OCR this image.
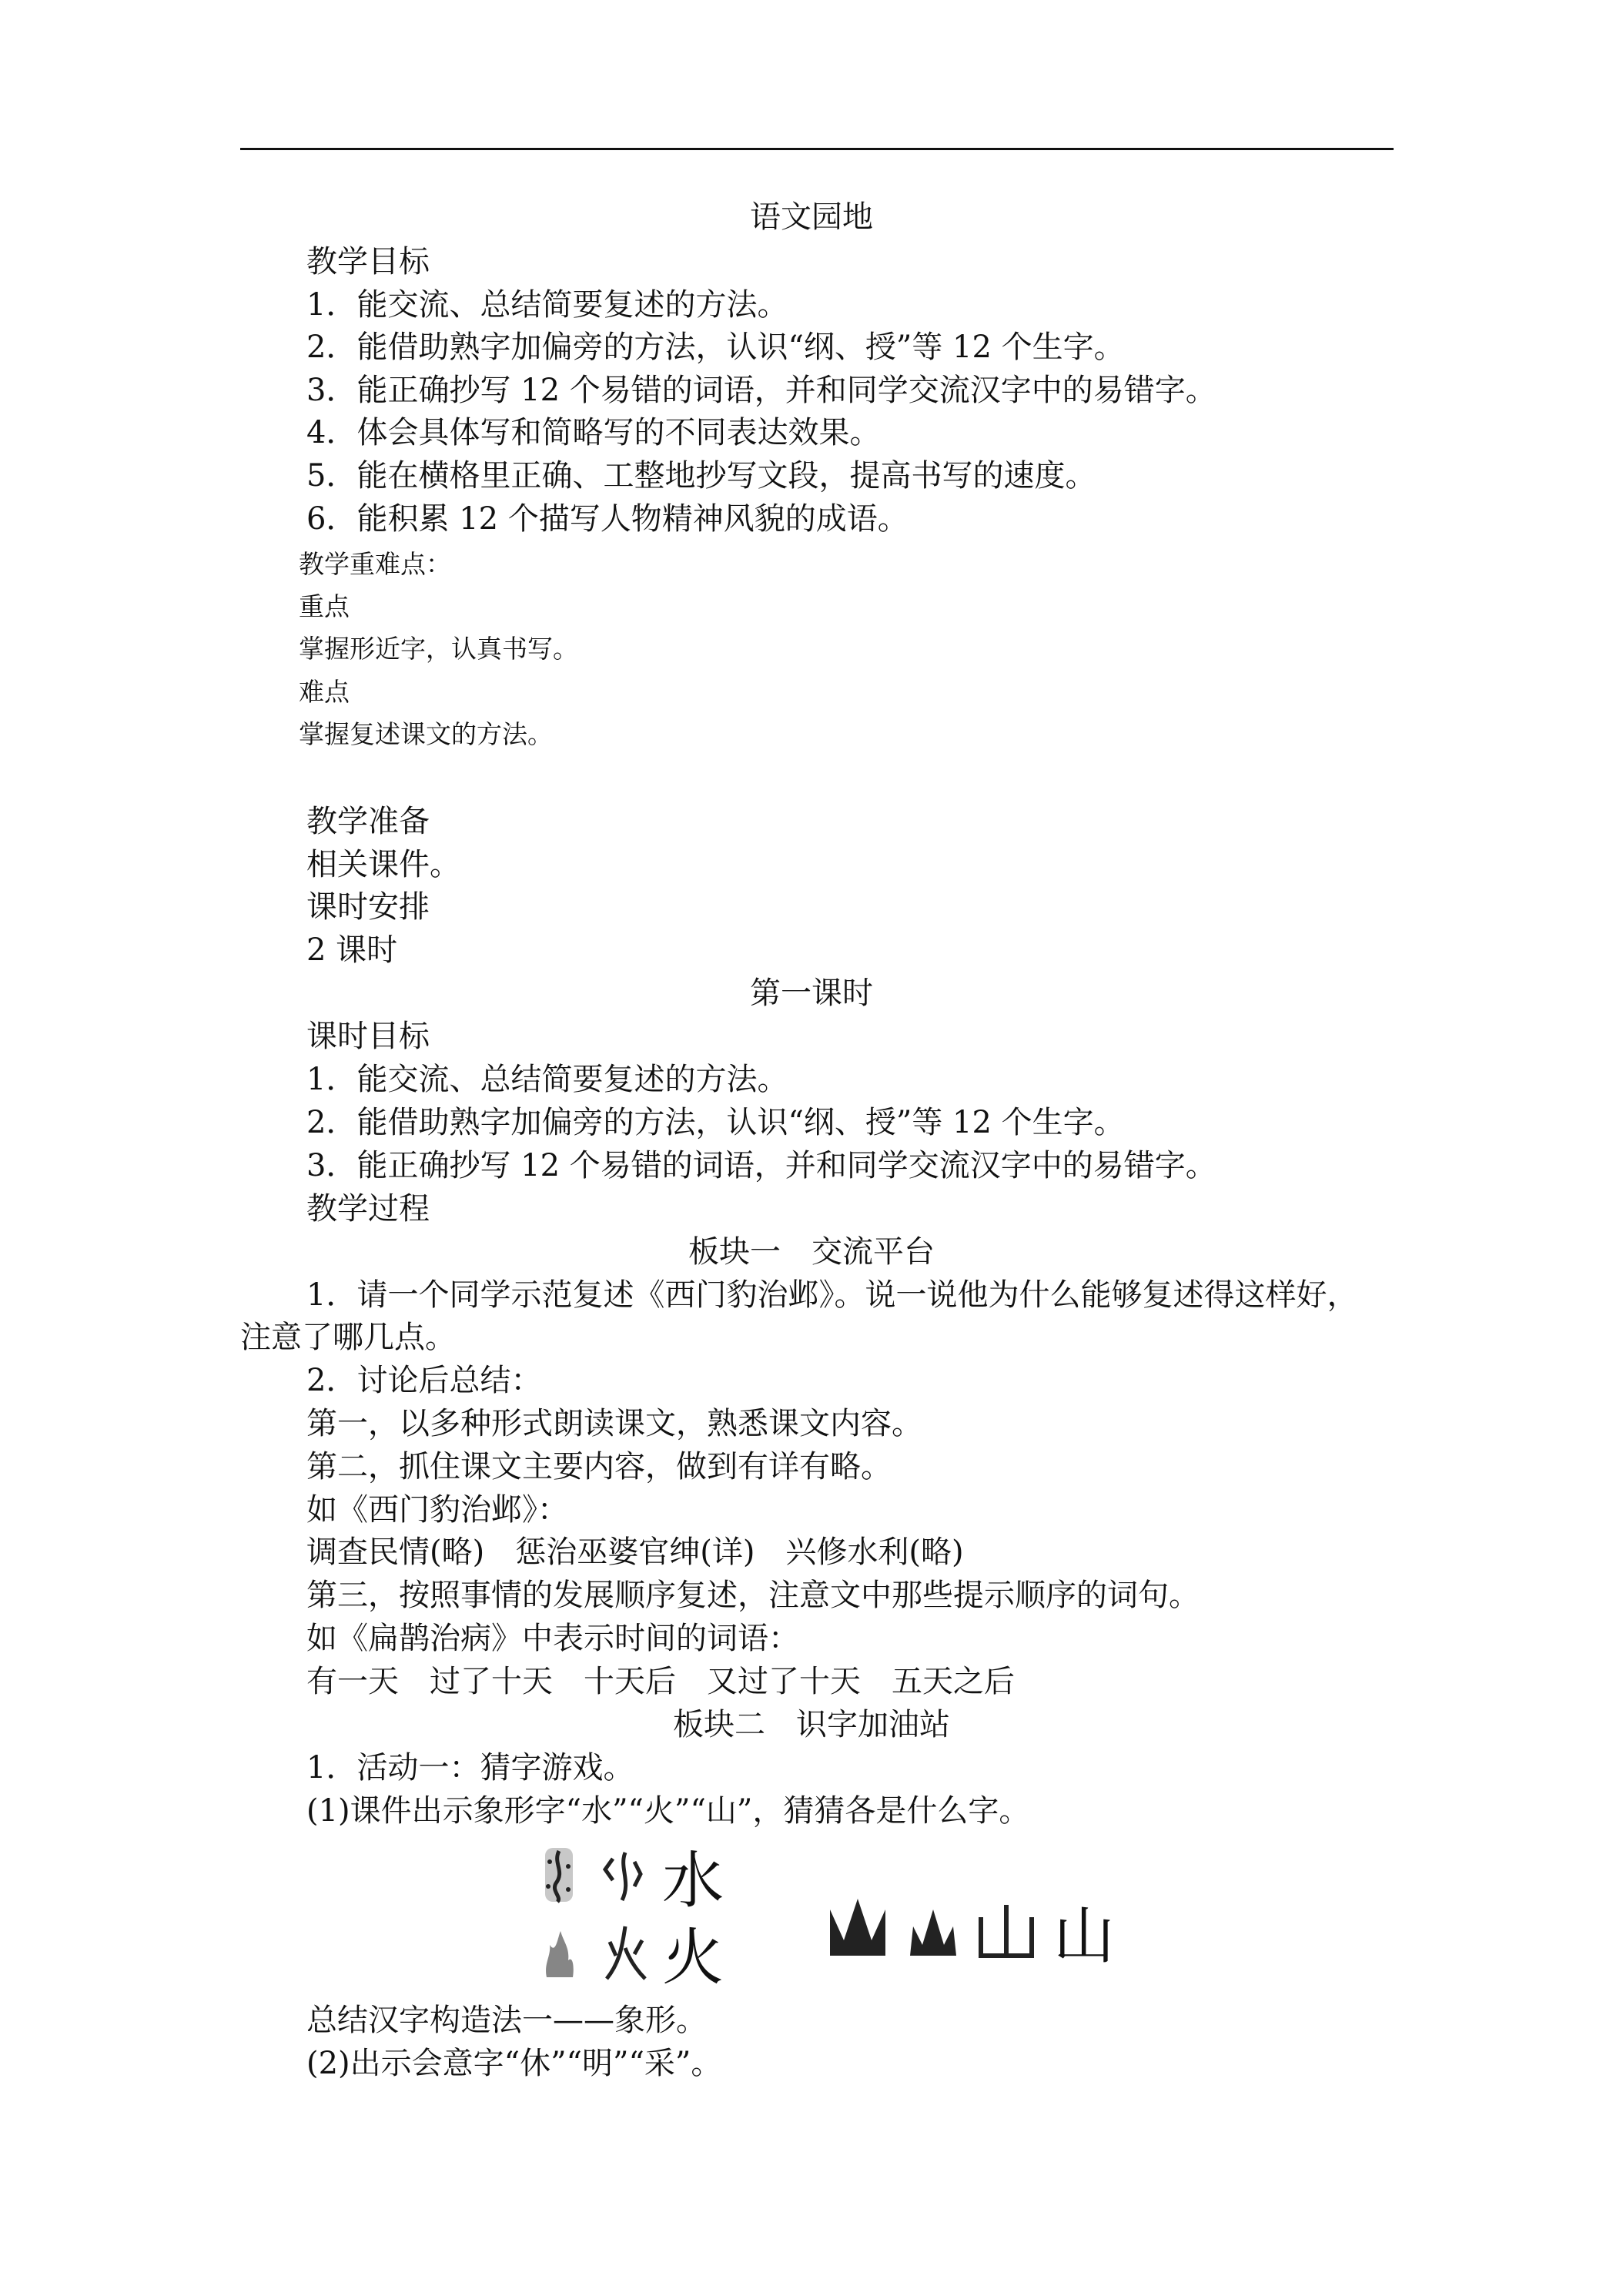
语文园地
教学目标
1．能交流、总结简要复述的方法。
2．能借助熟字加偏旁的方法，认识“纲、授”等 12 个生字。
3．能正确抄写 12 个易错的词语，并和同学交流汉字中的易错字。
4．体会具体写和简略写的不同表达效果。
5．能在横格里正确、工整地抄写文段，提高书写的速度。
6．能积累 12 个描写人物精神风貌的成语。
教学重难点：
重点
掌握形近字，认真书写。
难点
掌握复述课文的方法。
教学准备
相关课件。
课时安排
2 课时
第一课时
课时目标
1．能交流、总结简要复述的方法。
2．能借助熟字加偏旁的方法，认识“纲、授”等 12 个生字。
3．能正确抄写 12 个易错的词语，并和同学交流汉字中的易错字。
教学过程
板块一　交流平台
1．请一个同学示范复述《西门豹治邺》。说一说他为什么能够复述得这样好，
注意了哪几点。
2．讨论后总结：
第一，以多种形式朗读课文，熟悉课文内容。
第二，抓住课文主要内容，做到有详有略。
如《西门豹治邺》：
调查民情(略)　惩治巫婆官绅(详)　兴修水利(略)
第三，按照事情的发展顺序复述，注意文中那些提示顺序的词句。
如《扁鹊治病》中表示时间的词语：
有一天　过了十天　十天后　又过了十天　五天之后
板块二　识字加油站
1．活动一：猜字游戏。
(1)课件出示象形字“水”“火”“山”，猜猜各是什么字。
水
火	山
总结汉字构造法一——象形。
(2)出示会意字“休”“明”“采”。
